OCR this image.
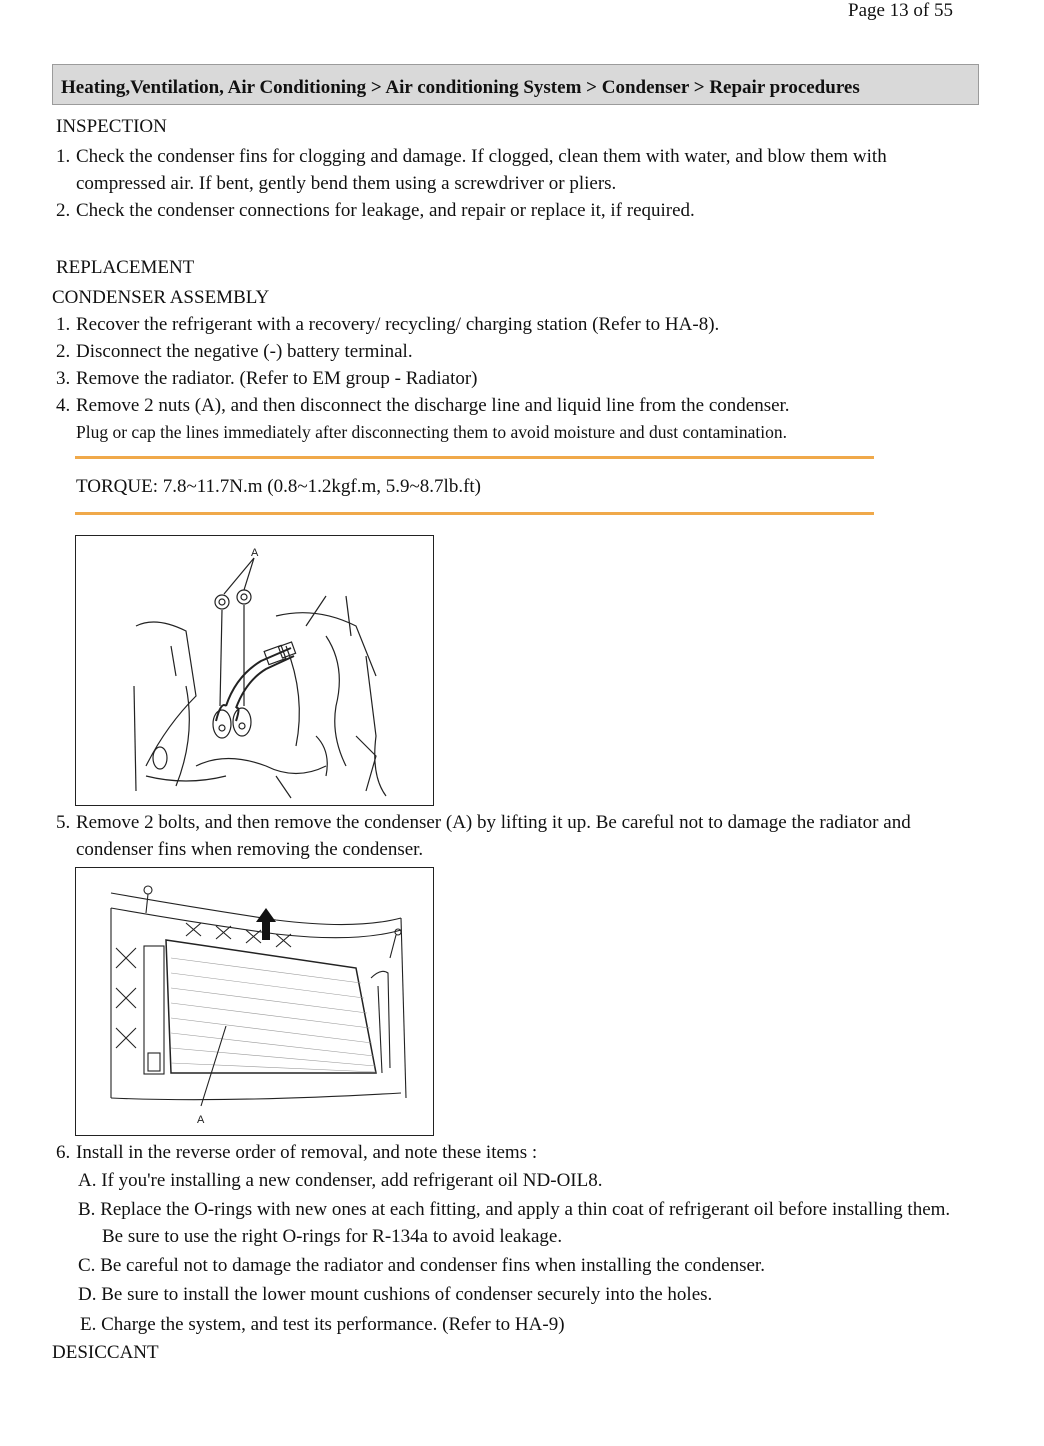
Page 13 of 55
Heating,Ventilation, Air Conditioning > Air conditioning System > Condenser > Repair procedures
INSPECTION
1. Check the condenser fins for clogging and damage. If clogged, clean them with water, and blow them with
compressed air. If bent, gently bend them using a screwdriver or pliers.
2. Check the condenser connections for leakage, and repair or replace it, if required.
REPLACEMENT
CONDENSER ASSEMBLY
1. Recover the refrigerant with a recovery/ recycling/ charging station (Refer to HA-8).
2. Disconnect the negative (-) battery terminal.
3. Remove the radiator. (Refer to EM group - Radiator)
4. Remove 2 nuts (A), and then disconnect the discharge line and liquid line from the condenser.
Plug or cap the lines immediately after disconnecting them to avoid moisture and dust contamination.
TORQUE: 7.8~11.7N.m (0.8~1.2kgf.m, 5.9~8.7lb.ft)
A
5. Remove 2 bolts, and then remove the condenser (A) by lifting it up. Be careful not to damage the radiator and
condenser fins when removing the condenser.
A
6. Install in the reverse order of removal, and note these items :
A. If you're installing a new condenser, add refrigerant oil ND-OIL8.
B. Replace the O-rings with new ones at each fitting, and apply a thin coat of refrigerant oil before installing them.
Be sure to use the right O-rings for R-134a to avoid leakage.
C. Be careful not to damage the radiator and condenser fins when installing the condenser.
D. Be sure to install the lower mount cushions of condenser securely into the holes.
E. Charge the system, and test its performance. (Refer to HA-9)
DESICCANT
